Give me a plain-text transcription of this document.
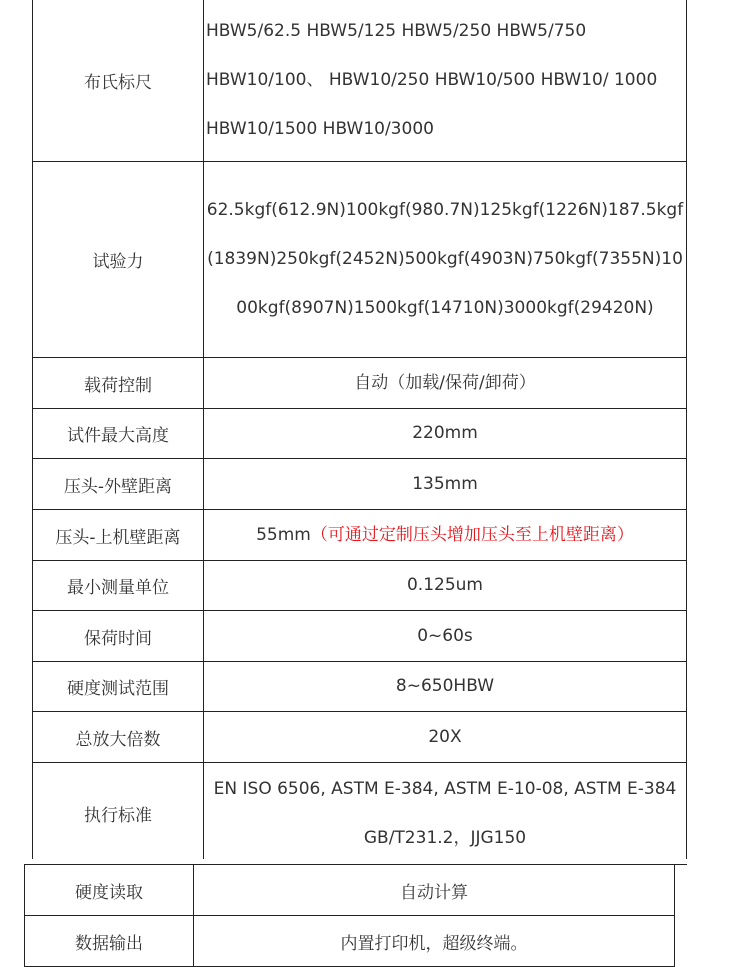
布氏标尺	HBW5/62.5 HBW5/125 HBW5/250 HBW5/750 HBW10/100、 HBW10/250 HBW10/500 HBW10/ 1000 HBW10/1500 HBW10/3000
试验力	62.5kgf(612.9N)100kgf(980.7N)125kgf(1226N)187.5kgf(1839N)250kgf(2452N)500kgf(4903N)750kgf(7355N)1000kgf(8907N)1500kgf(14710N)3000kgf(29420N)
载荷控制	自动（加载/保荷/卸荷）
试件最大高度	220mm
压头-外壁距离	135mm
压头-上机壁距离	55mm（可通过定制压头增加压头至上机壁距离）
最小测量单位	0.125um
保荷时间	0~60s
硬度测试范围	8~650HBW
总放大倍数	20X
执行标准	EN ISO 6506, ASTM E-384, ASTM E-10-08, ASTM E-384 GB/T231.2，JJG150
硬度读取	自动计算
数据输出	内置打印机，超级终端。
